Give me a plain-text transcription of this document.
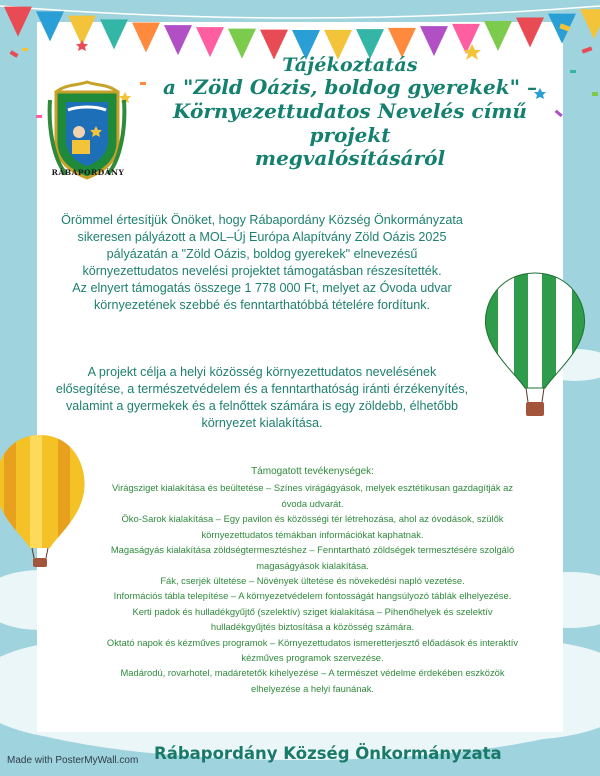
RÁBAPORDÁNY
Tájékoztatás
a "Zöld Oázis, boldog gyerekek" –
Környezettudatos Nevelés című projekt
megvalósításáról
Örömmel értesítjük Önöket, hogy Rábapordány Község Önkormányzata
sikeresen pályázott a MOL–Új Európa Alapítvány Zöld Oázis 2025
pályázatán a "Zöld Oázis, boldog gyerekek" elnevezésű
környezettudatos nevelési projektet támogatásban részesítették.
Az elnyert támogatás összege 1 778 000 Ft, melyet az Óvoda udvar
környezetének szebbé és fenntarthatóbbá tételére fordítunk.
A projekt célja a helyi közösség környezettudatos nevelésének
elősegítése, a természetvédelem és a fenntarthatóság iránti érzékenyítés,
valamint a gyermekek és a felnőttek számára is egy zöldebb, élhetőbb
környezet kialakítása.
Támogatott tevékenységek:
Virágsziget kialakítása és beültetése – Színes virágágyások, melyek esztétikusan gazdagítják az
óvoda udvarát.
Öko-Sarok kialakítása – Egy pavilon és közösségi tér létrehozása, ahol az óvodások, szülők
környezettudatos témákban információkat kaphatnak.
Magaságyás kialakítása zöldségtermesztéshez – Fenntartható zöldségek termesztésére szolgáló
magaságyások kialakítása.
Fák, cserjék ültetése – Növények ültetése és növekedési napló vezetése.
Információs tábla telepítése – A környezetvédelem fontosságát hangsúlyozó táblák elhelyezése.
Kerti padok és hulladékgyűjtő (szelektív) sziget kialakítása – Pihenőhelyek és szelektív
hulladékgyűjtés biztosítása a közösség számára.
Oktató napok és kézműves programok – Környezettudatos ismeretterjesztő előadások és interaktív
kézműves programok szervezése.
Madárodú, rovarhotel, madáretetők kihelyezése – A természet védelme érdekében eszközök
elhelyezése a helyi faunának.
Made with PosterMyWall.com Rábapordány Község Önkormányzata
